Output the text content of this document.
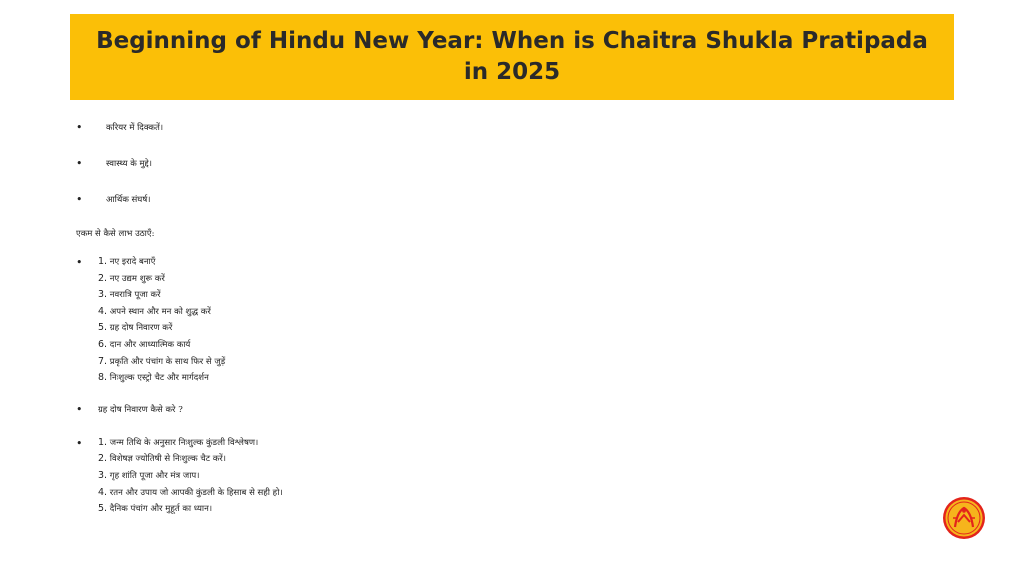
Beginning of Hindu New Year: When is Chaitra Shukla Pratipada in 2025
•	करियर में दिक्कतें।
•	स्वास्थ्य के मुद्दे।
•	आर्थिक संघर्ष।
एकम से कैसे लाभ उठाएँ:
• 1. नए इरादे बनाएँ
2. नए उद्यम शुरू करें
3. नवरात्रि पूजा करें
4. अपने स्थान और मन को शुद्ध करें
5. ग्रह दोष निवारण करें
6. दान और आध्यात्मिक कार्य
7. प्रकृति और पंचांग के साथ फिर से जुड़ें
8. निःशुल्क एस्ट्रो चैट और मार्गदर्शन
• ग्रह दोष निवारण कैसे करे ?
• 1. जन्म तिथि के अनुसार निःशुल्क कुंडली विश्लेषण।
2. विशेषज्ञ ज्योतिषी से निःशुल्क चैट करें।
3. गृह शांति पूजा और मंत्र जाप।
4. रतन और उपाय जो आपकी कुंडली के हिसाब से सही हो।
5. दैनिक पंचांग और मुहूर्त का ध्यान।
